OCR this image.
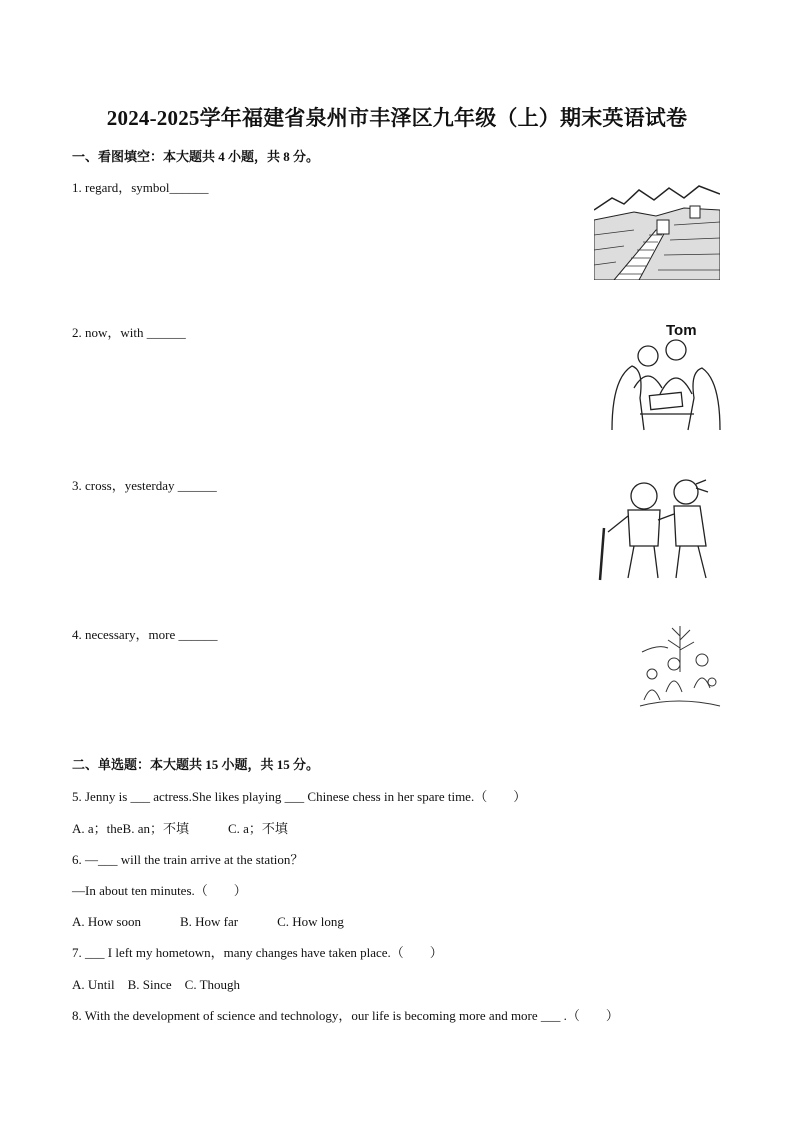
2024-2025学年福建省泉州市丰泽区九年级（上）期末英语试卷
一、看图填空：本大题共 4 小题，共 8 分。
1. regard，symbol______
2. now，with ______	Tom
3. cross，yesterday ______
4. necessary，more ______
二、单选题：本大题共 15 小题，共 15 分。
5. Jenny is ___ actress.She likes playing ___ Chinese chess in her spare time.（　　）
A. a；theB. an；不填　　　C. a；不填
6. —___ will the train arrive at the station？
—In about ten minutes.（　　）
A. How soon　　　B. How far　　　C. How long
7. ___ I left my hometown，many changes have taken place.（　　）
A. Until　B. Since　C. Though
8. With the development of science and technology，our life is becoming more and more ___ .（　　）
